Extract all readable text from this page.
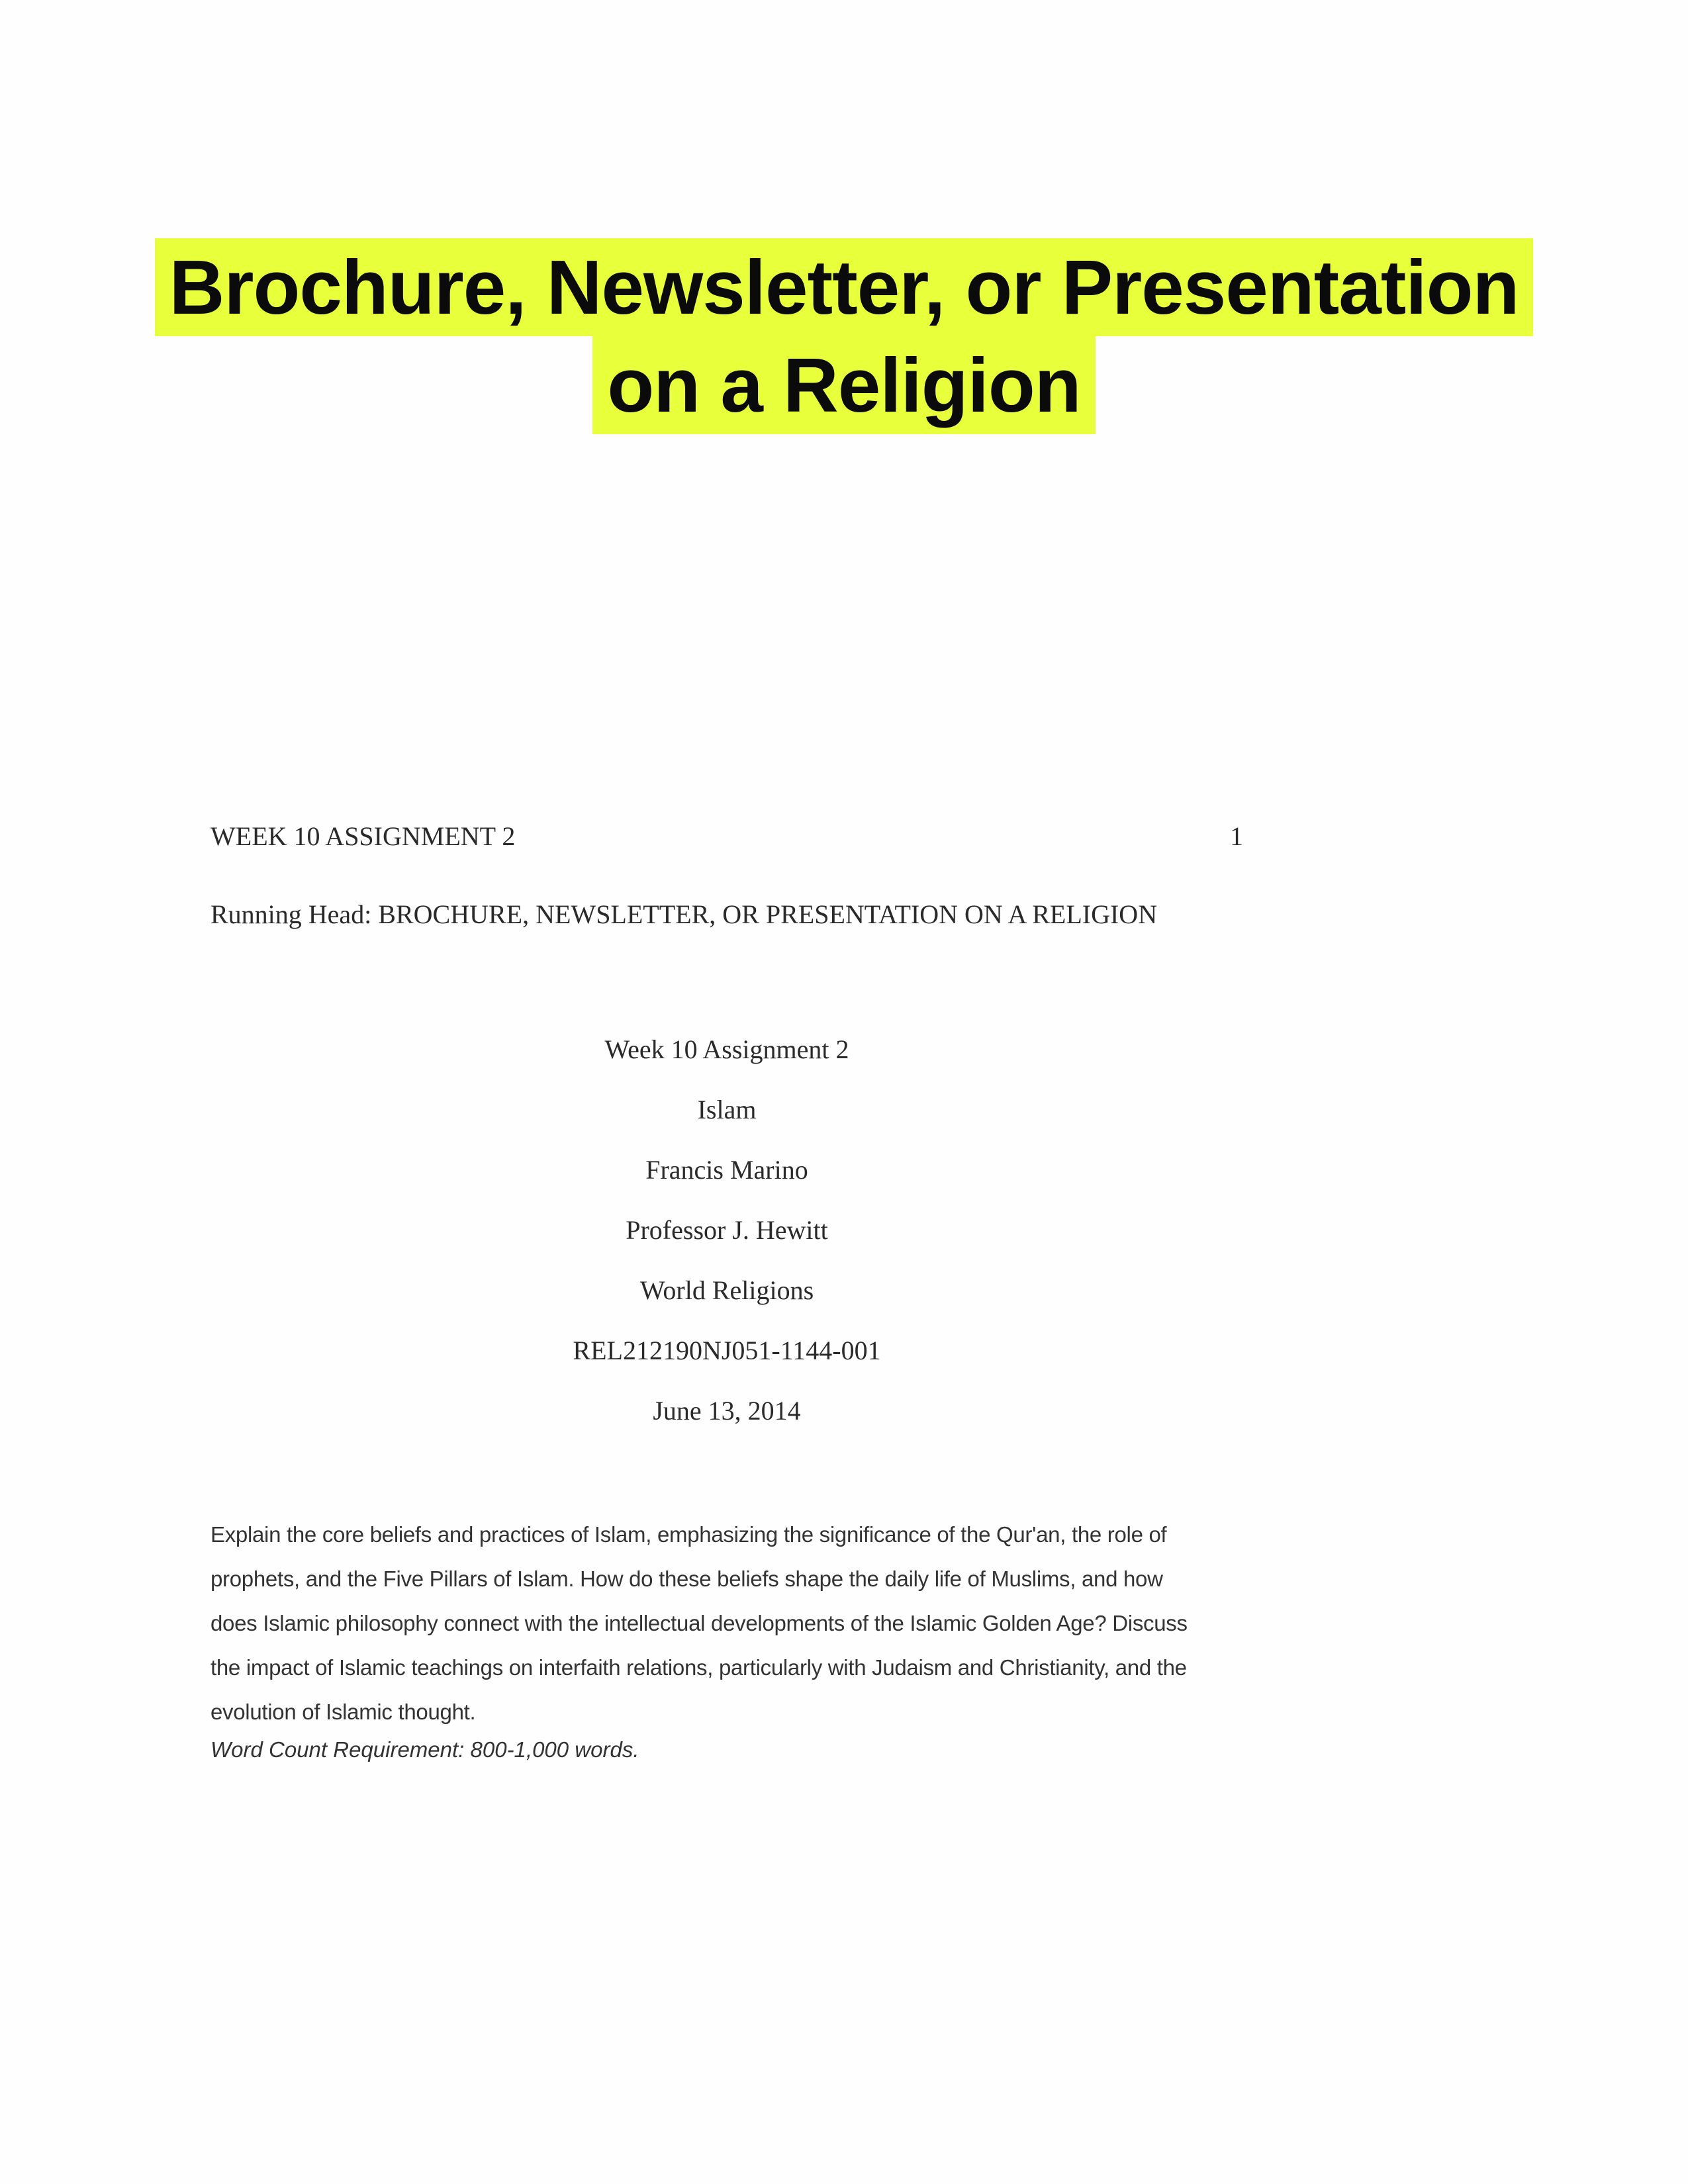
Brochure, Newsletter, or Presentation
on a Religion
WEEK 10 ASSIGNMENT 2	1
Running Head: BROCHURE, NEWSLETTER, OR PRESENTATION ON A RELIGION
Week 10 Assignment 2
Islam
Francis Marino
Professor J. Hewitt
World Religions
REL212190NJ051-1144-001
June 13, 2014
Explain the core beliefs and practices of Islam, emphasizing the significance of the Qur'an, the role of
prophets, and the Five Pillars of Islam. How do these beliefs shape the daily life of Muslims, and how
does Islamic philosophy connect with the intellectual developments of the Islamic Golden Age? Discuss
the impact of Islamic teachings on interfaith relations, particularly with Judaism and Christianity, and the
evolution of Islamic thought.
Word Count Requirement: 800-1,000 words.
